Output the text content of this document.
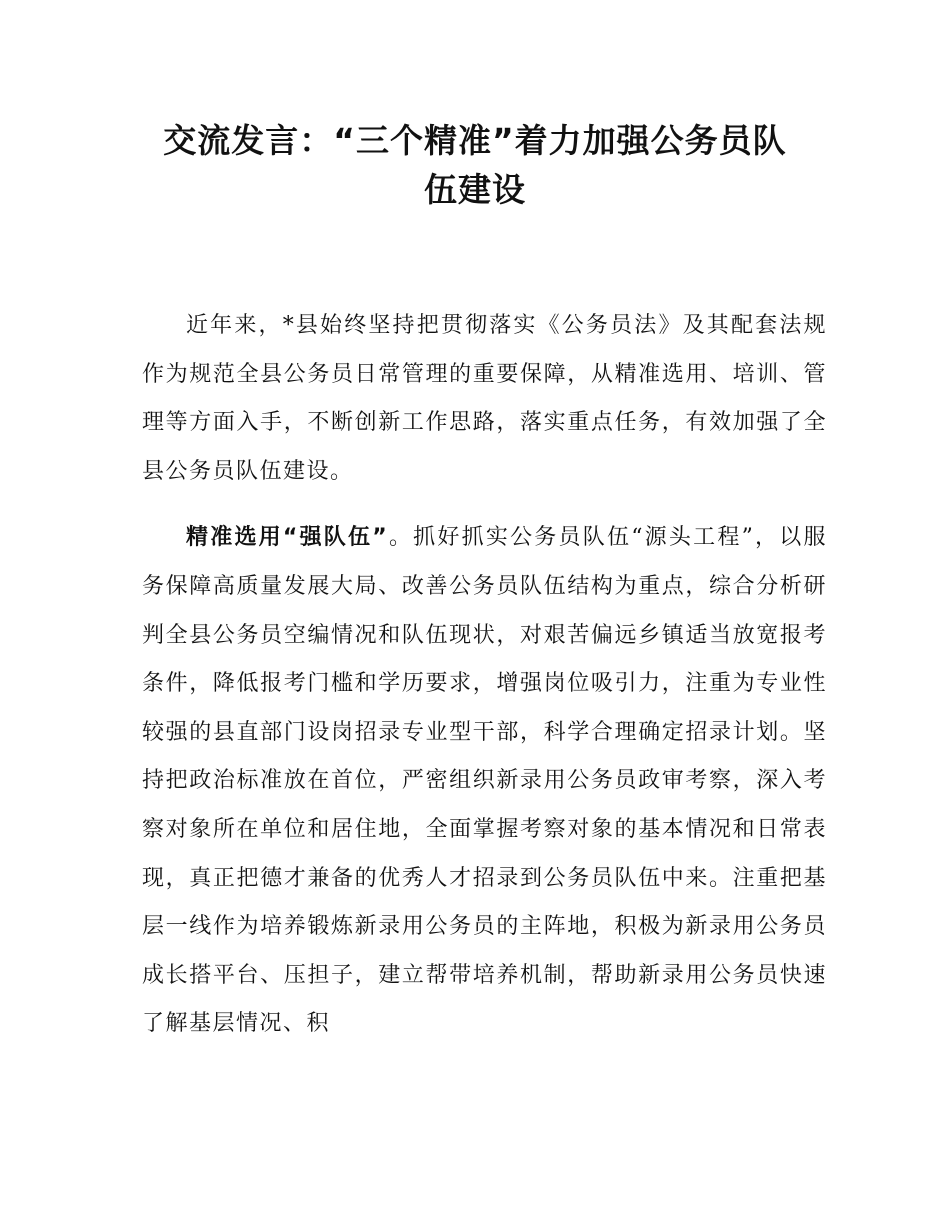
交流发言：“三个精准”着力加强公务员队
伍建设

近年来，*县始终坚持把贯彻落实《公务员法》及其配套法规作为规范全县公务员日常管理的重要保障，从精准选用、培训、管理等方面入手，不断创新工作思路，落实重点任务，有效加强了全县公务员队伍建设。

精准选用“强队伍”。抓好抓实公务员队伍“源头工程”，以服务保障高质量发展大局、改善公务员队伍结构为重点，综合分析研判全县公务员空编情况和队伍现状，对艰苦偏远乡镇适当放宽报考条件，降低报考门槛和学历要求，增强岗位吸引力，注重为专业性较强的县直部门设岗招录专业型干部，科学合理确定招录计划。坚持把政治标准放在首位，严密组织新录用公务员政审考察，深入考察对象所在单位和居住地，全面掌握考察对象的基本情况和日常表现，真正把德才兼备的优秀人才招录到公务员队伍中来。注重把基层一线作为培养锻炼新录用公务员的主阵地，积极为新录用公务员成长搭平台、压担子，建立帮带培养机制，帮助新录用公务员快速了解基层情况、积
